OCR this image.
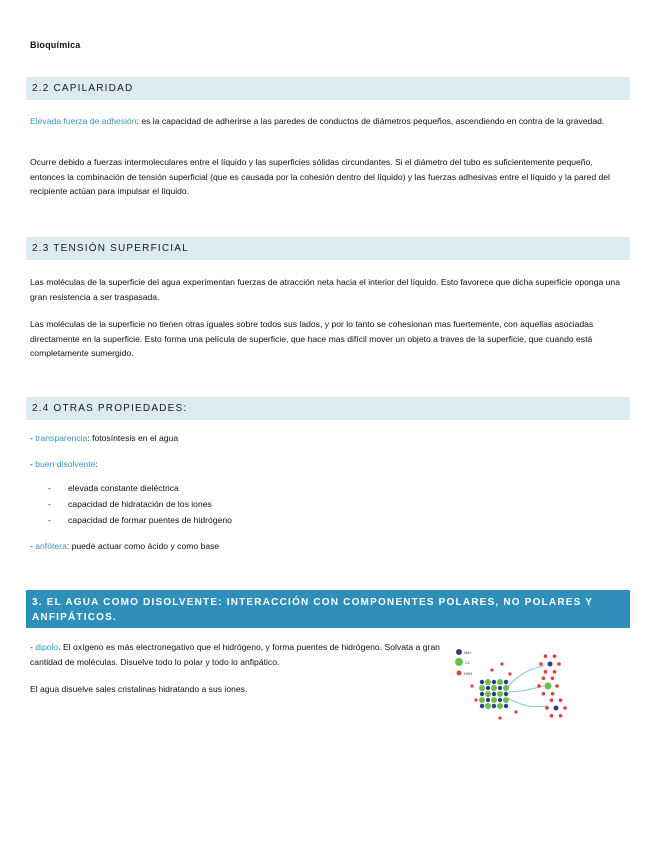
Bioquímica
2.2 CAPILARIDAD
Elevada fuerza de adhesión: es la capacidad de adherirse a las paredes de conductos de diámetros pequeños, ascendiendo en contra de la gravedad.
Ocurre debido a fuerzas intermoleculares entre el líquido y las superficies sólidas circundantes. Si el diámetro del tubo es suficientemente pequeño, entonces la combinación de tensión superficial (que es causada por la cohesión dentro del líquido) y las fuerzas adhesivas entre el líquido y la pared del recipiente actúan para impulsar el líquido.
2.3 TENSIÓN SUPERFICIAL
Las moléculas de la superficie del agua experimentan fuerzas de atracción neta hacia el interior del líquido. Esto favorece que dicha superficie oponga una gran resistencia a ser traspasada.
Las moléculas de la superficie no tienen otras iguales sobre todos sus lados, y por lo tanto se cohesionan mas fuertemente, con aquellas asociadas directamente en la superficie. Esto forma una película de superficie, que hace mas difícil mover un objeto a traves de la superficie, que cuando está completamente sumergido.
2.4 OTRAS PROPIEDADES:
- transparencia: fotosíntesis en el agua
- buen disolvente:
- elevada constante dieléctrica
- capacidad de hidratación de los iones
- capacidad de formar puentes de hidrógeno
- anfótera: puede actuar como ácido y como base
3. EL AGUA COMO DISOLVENTE: INTERACCIÓN CON COMPONENTES POLARES, NO POLARES Y ANFIPÁTICOS.
- dipolo. El oxígeno es más electronegativo que el hidrógeno, y forma puentes de hidrógeno. Solvata a gran cantidad de moléculas. Disuelve todo lo polar y todo lo anfipático.
El agua disuelve sales cristalinas hidratando a sus iones.
Na+
Cl-
H2O
